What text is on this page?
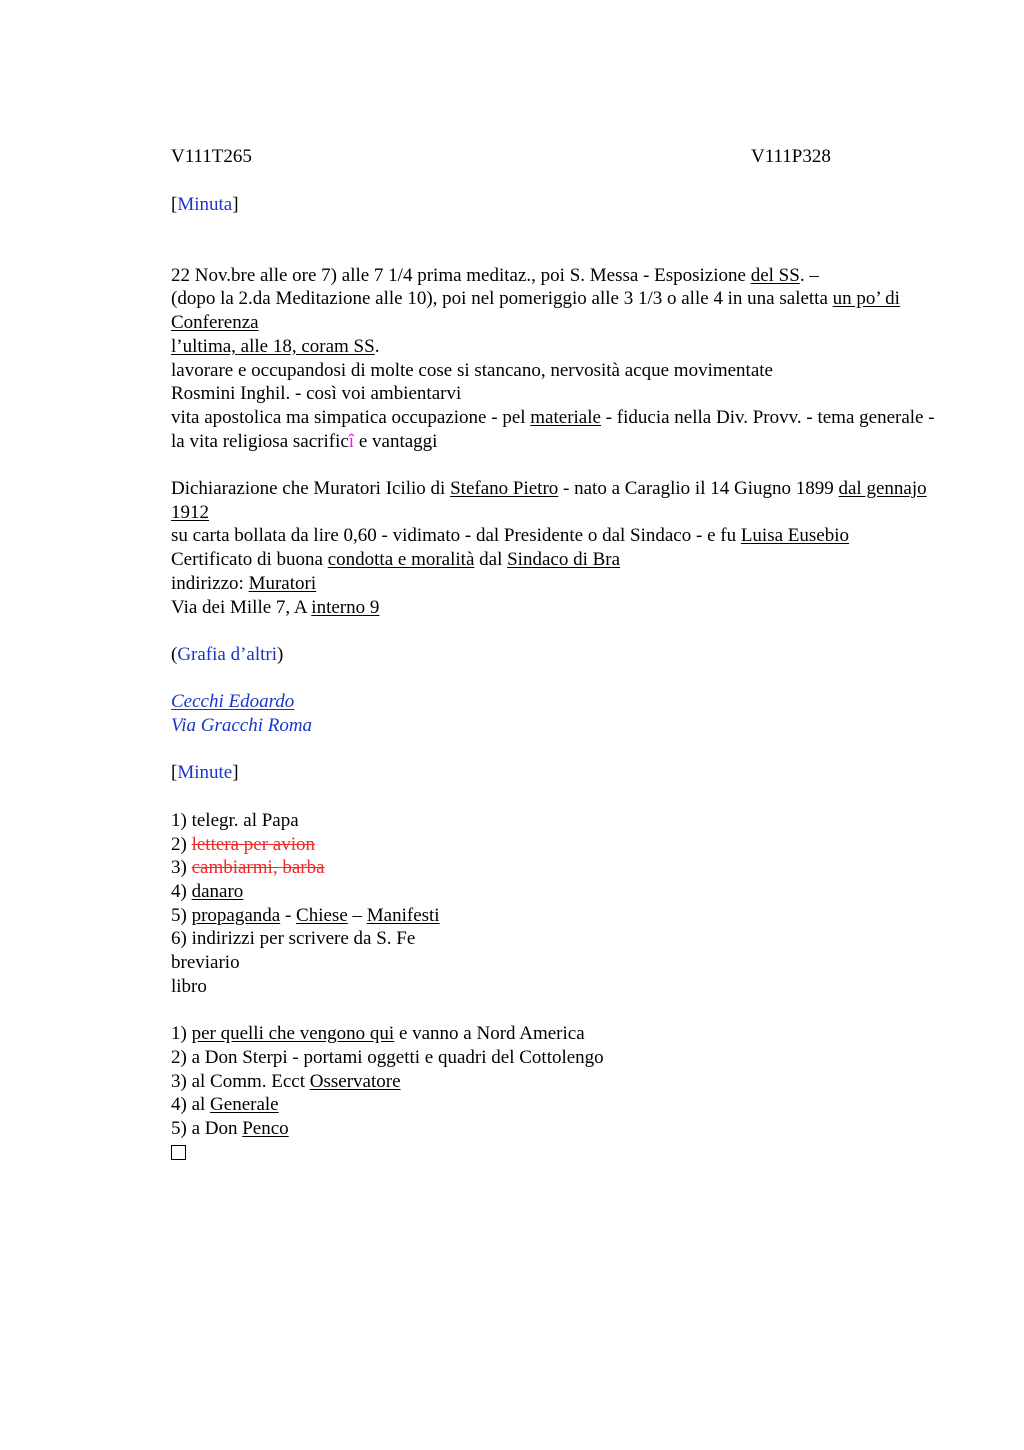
V111T265	V111P328

[Minuta]

22 Nov.bre alle ore 7) alle 7 1/4 prima meditaz., poi S. Messa - Esposizione del SS. –

(dopo la 2.da Meditazione alle 10), poi nel pomeriggio alle 3 1/3 o alle 4 in una saletta un po’ di Conferenza

l’ultima, alle 18, coram SS.

lavorare e occupandosi di molte cose si stancano, nervosità acque movimentate

Rosmini Inghil. - così voi ambientarvi

vita apostolica ma simpatica occupazione - pel materiale - fiducia nella Div. Provv. - tema generale - la vita religiosa sacrificî e vantaggi

Dichiarazione che Muratori Icilio di Stefano Pietro - nato a Caraglio il 14 Giugno 1899 dal gennajo 1912

su carta bollata da lire 0,60 - vidimato - dal Presidente o dal Sindaco - e fu Luisa Eusebio

Certificato di buona condotta e moralità dal Sindaco di Bra

indirizzo: Muratori

Via dei Mille 7, A interno 9

(Grafia d’altri)

Cecchi Edoardo

Via Gracchi Roma

[Minute]

1) telegr. al Papa

2) lettera per avion

3) cambiarmi, barba

4) danaro

5) propaganda - Chiese – Manifesti

6) indirizzi per scrivere da S. Fe

breviario

libro

1) per quelli che vengono qui e vanno a Nord America

2) a Don Sterpi - portami oggetti e quadri del Cottolengo

3) al Comm. Ecct Osservatore

4) al Generale

5) a Don Penco
